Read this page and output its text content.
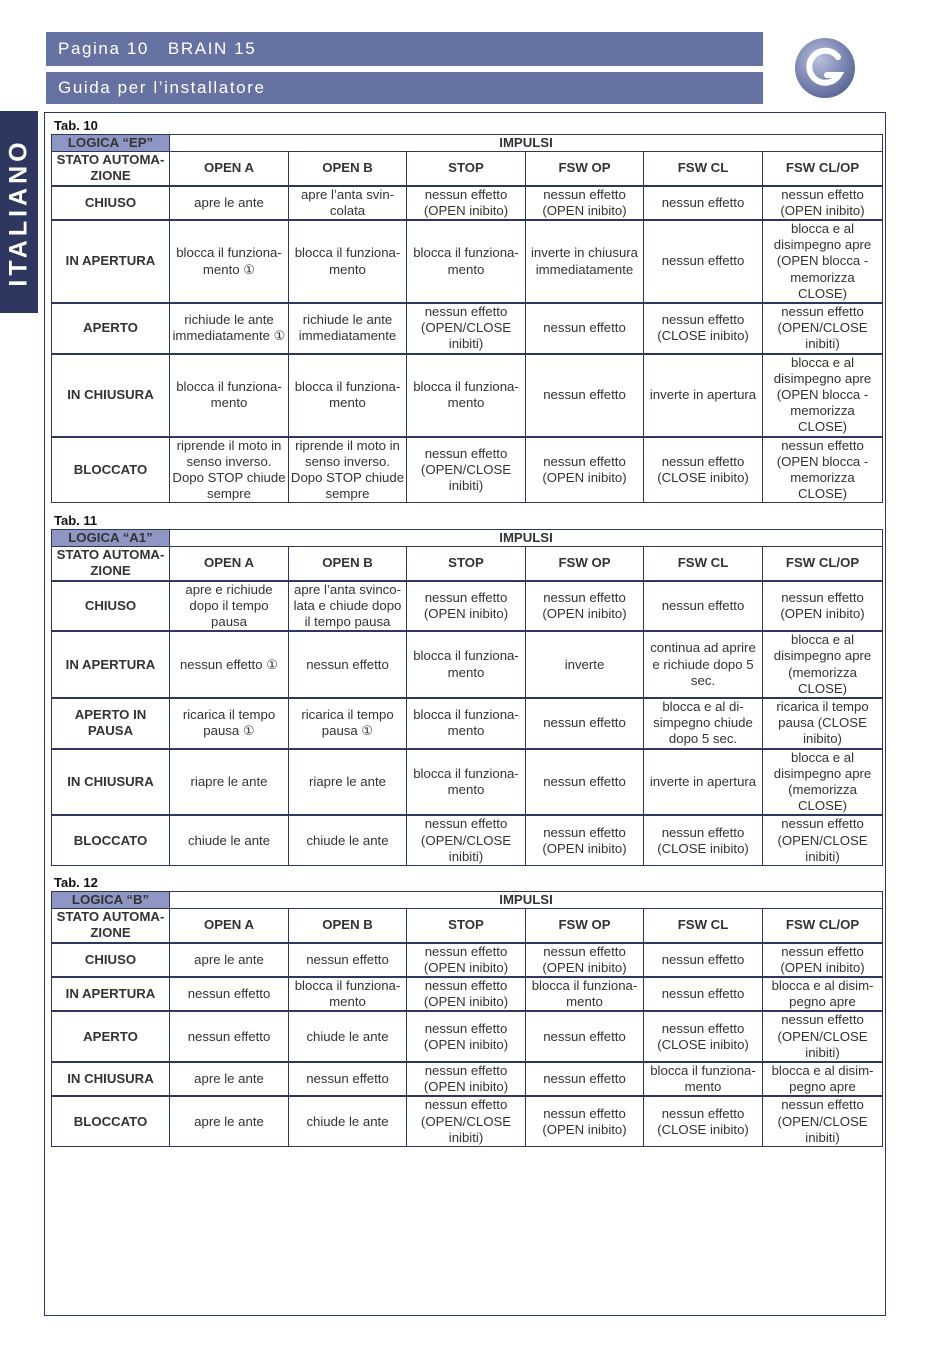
Pagina 10   BRAIN 15
Guida per l’installatore
ITALIANO
Tab. 10
LOGICA “EP”	IMPULSI					
STATO AUTOMA-ZIONE	OPEN A	OPEN B	STOP	FSW OP	FSW CL	FSW CL/OP
CHIUSO	apre le ante	apre l’anta svin-colata	nessun effetto (OPEN inibito)	nessun effetto (OPEN inibito)	nessun effetto	nessun effetto (OPEN inibito)
IN APERTURA	blocca il funziona-mento ①	blocca il funziona-mento	blocca il funziona-mento	inverte in chiusura immediatamente	nessun effetto	blocca e al disimpegno apre (OPEN blocca - memorizza CLOSE)
APERTO	richiude le ante immediatamente ①	richiude le ante immediatamente	nessun effetto (OPEN/CLOSE inibiti)	nessun effetto	nessun effetto (CLOSE inibito)	nessun effetto (OPEN/CLOSE inibiti)
IN CHIUSURA	blocca il funziona-mento	blocca il funziona-mento	blocca il funziona-mento	nessun effetto	inverte in apertura	blocca e al disimpegno apre (OPEN blocca - memorizza CLOSE)
BLOCCATO	riprende il moto in senso inverso. Dopo STOP chiude sempre	riprende il moto in senso inverso. Dopo STOP chiude sempre	nessun effetto (OPEN/CLOSE inibiti)	nessun effetto (OPEN inibito)	nessun effetto (CLOSE inibito)	nessun effetto (OPEN blocca - memorizza CLOSE)
Tab. 11
LOGICA “A1”	IMPULSI					
STATO AUTOMA-ZIONE	OPEN A	OPEN B	STOP	FSW OP	FSW CL	FSW CL/OP
CHIUSO	apre e richiude dopo il tempo pausa	apre l’anta svinco-lata e chiude dopo il tempo pausa	nessun effetto (OPEN inibito)	nessun effetto (OPEN inibito)	nessun effetto	nessun effetto (OPEN inibito)
IN APERTURA	nessun effetto ①	nessun effetto	blocca il funziona-mento	inverte	continua ad aprire e richiude dopo 5 sec.	blocca e al disimpegno apre (memorizza CLOSE)
APERTO IN PAUSA	ricarica il tempo pausa ①	ricarica il tempo pausa ①	blocca il funziona-mento	nessun effetto	blocca e al di-simpegno chiude dopo 5 sec.	ricarica il tempo pausa (CLOSE inibito)
IN CHIUSURA	riapre le ante	riapre le ante	blocca il funziona-mento	nessun effetto	inverte in apertura	blocca e al disimpegno apre (memorizza CLOSE)
BLOCCATO	chiude le ante	chiude le ante	nessun effetto (OPEN/CLOSE inibiti)	nessun effetto (OPEN inibito)	nessun effetto (CLOSE inibito)	nessun effetto (OPEN/CLOSE inibiti)
Tab. 12
LOGICA “B”	IMPULSI					
STATO AUTOMA-ZIONE	OPEN A	OPEN B	STOP	FSW OP	FSW CL	FSW CL/OP
CHIUSO	apre le ante	nessun effetto	nessun effetto (OPEN inibito)	nessun effetto (OPEN inibito)	nessun effetto	nessun effetto (OPEN inibito)
IN APERTURA	nessun effetto	blocca il funziona-mento	nessun effetto (OPEN inibito)	blocca il funziona-mento	nessun effetto	blocca e al disim-pegno apre
APERTO	nessun effetto	chiude le ante	nessun effetto (OPEN inibito)	nessun effetto	nessun effetto (CLOSE inibito)	nessun effetto (OPEN/CLOSE inibiti)
IN CHIUSURA	apre le ante	nessun effetto	nessun effetto (OPEN inibito)	nessun effetto	blocca il funziona-mento	blocca e al disim-pegno apre
BLOCCATO	apre le ante	chiude le ante	nessun effetto (OPEN/CLOSE inibiti)	nessun effetto (OPEN inibito)	nessun effetto (CLOSE inibito)	nessun effetto (OPEN/CLOSE inibiti)
